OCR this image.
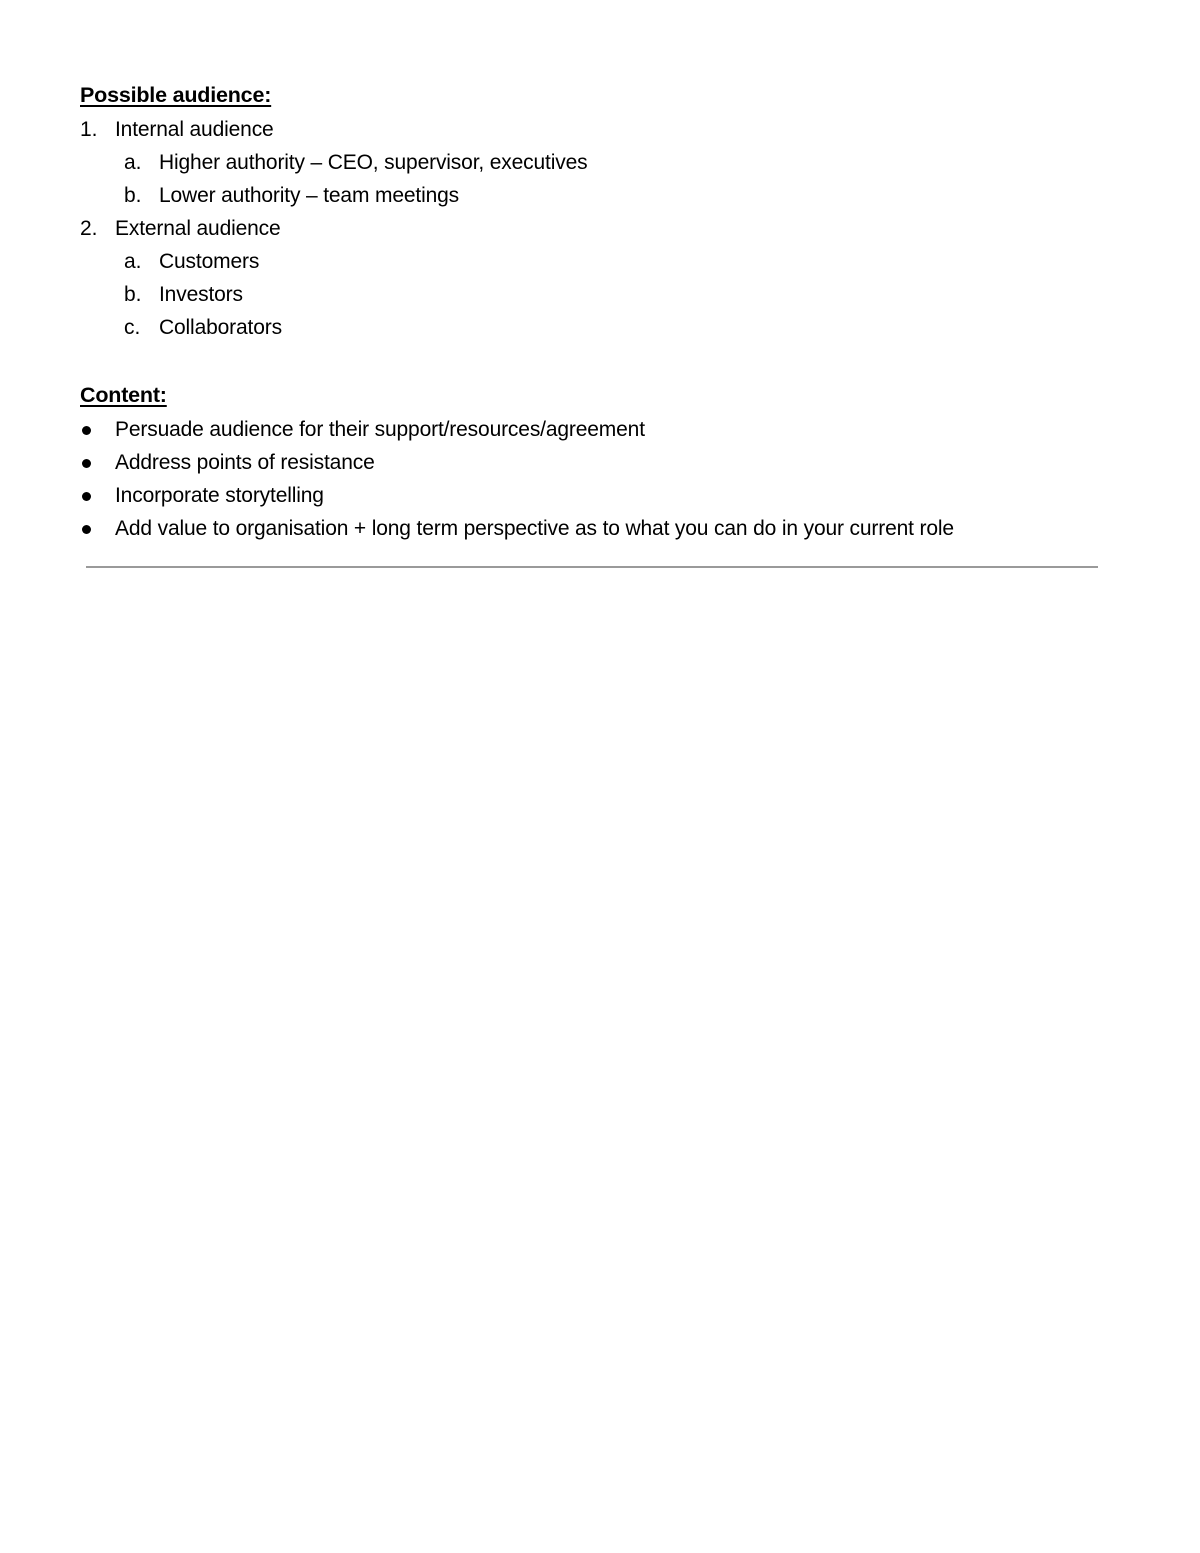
Possible audience:
1. Internal audience
a. Higher authority – CEO, supervisor, executives
b. Lower authority – team meetings
2. External audience
a. Customers
b. Investors
c. Collaborators
Content:
Persuade audience for their support/resources/agreement
Address points of resistance
Incorporate storytelling
Add value to organisation + long term perspective as to what you can do in your current role
